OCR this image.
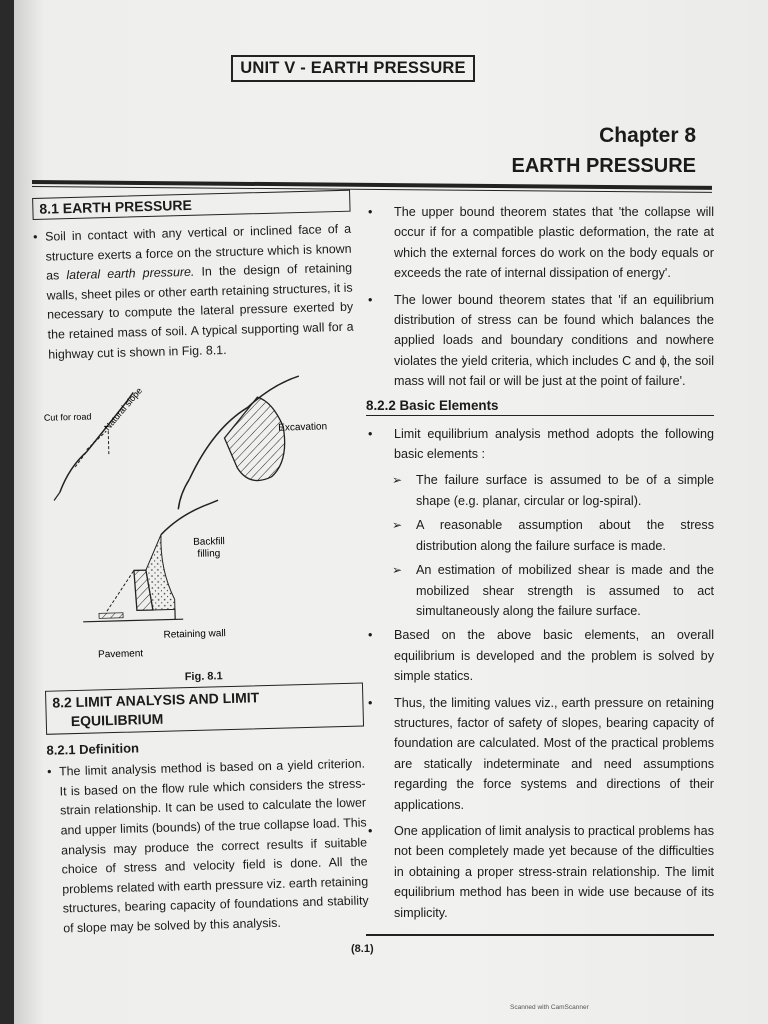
UNIT V - EARTH PRESSURE
Chapter 8
EARTH PRESSURE
8.1 EARTH PRESSURE
• Soil in contact with any vertical or inclined face of a structure exerts a force on the structure which is known as lateral earth pressure. In the design of retaining walls, sheet piles or other earth retaining structures, it is necessary to compute the lateral pressure exerted by the retained mass of soil. A typical supporting wall for a highway cut is shown in Fig. 8.1.
Cut for road Natural slope	Excavation
Backfill
filling
Retaining wall
Pavement
Fig. 8.1
8.2 LIMIT ANALYSIS AND LIMIT
EQUILIBRIUM
8.2.1 Definition
• The limit analysis method is based on a yield criterion. It is based on the flow rule which considers the stress-strain relationship. It can be used to calculate the lower and upper limits (bounds) of the true collapse load. This analysis may produce the correct results if suitable choice of stress and velocity field is done. All the problems related with earth pressure viz. earth retaining structures, bearing capacity of foundations and stability of slope may be solved by this analysis.
• The upper bound theorem states that 'the collapse will occur if for a compatible plastic deformation, the rate at which the external forces do work on the body equals or exceeds the rate of internal dissipation of energy'.
• The lower bound theorem states that 'if an equilibrium distribution of stress can be found which balances the applied loads and boundary conditions and nowhere violates the yield criteria, which includes C and ϕ, the soil mass will not fail or will be just at the point of failure'.
8.2.2 Basic Elements
• Limit equilibrium analysis method adopts the following basic elements :
➢ The failure surface is assumed to be of a simple shape (e.g. planar, circular or log-spiral).
➢ A reasonable assumption about the stress distribution along the failure surface is made.
➢ An estimation of mobilized shear is made and the mobilized shear strength is assumed to act simultaneously along the failure surface.
• Based on the above basic elements, an overall equilibrium is developed and the problem is solved by simple statics.
• Thus, the limiting values viz., earth pressure on retaining structures, factor of safety of slopes, bearing capacity of foundation are calculated. Most of the practical problems are statically indeterminate and need assumptions regarding the force systems and directions of their applications.
• One application of limit analysis to practical problems has not been completely made yet because of the difficulties in obtaining a proper stress-strain relationship. The limit equilibrium method has been in wide use because of its simplicity.
(8.1)
Scanned with CamScanner
